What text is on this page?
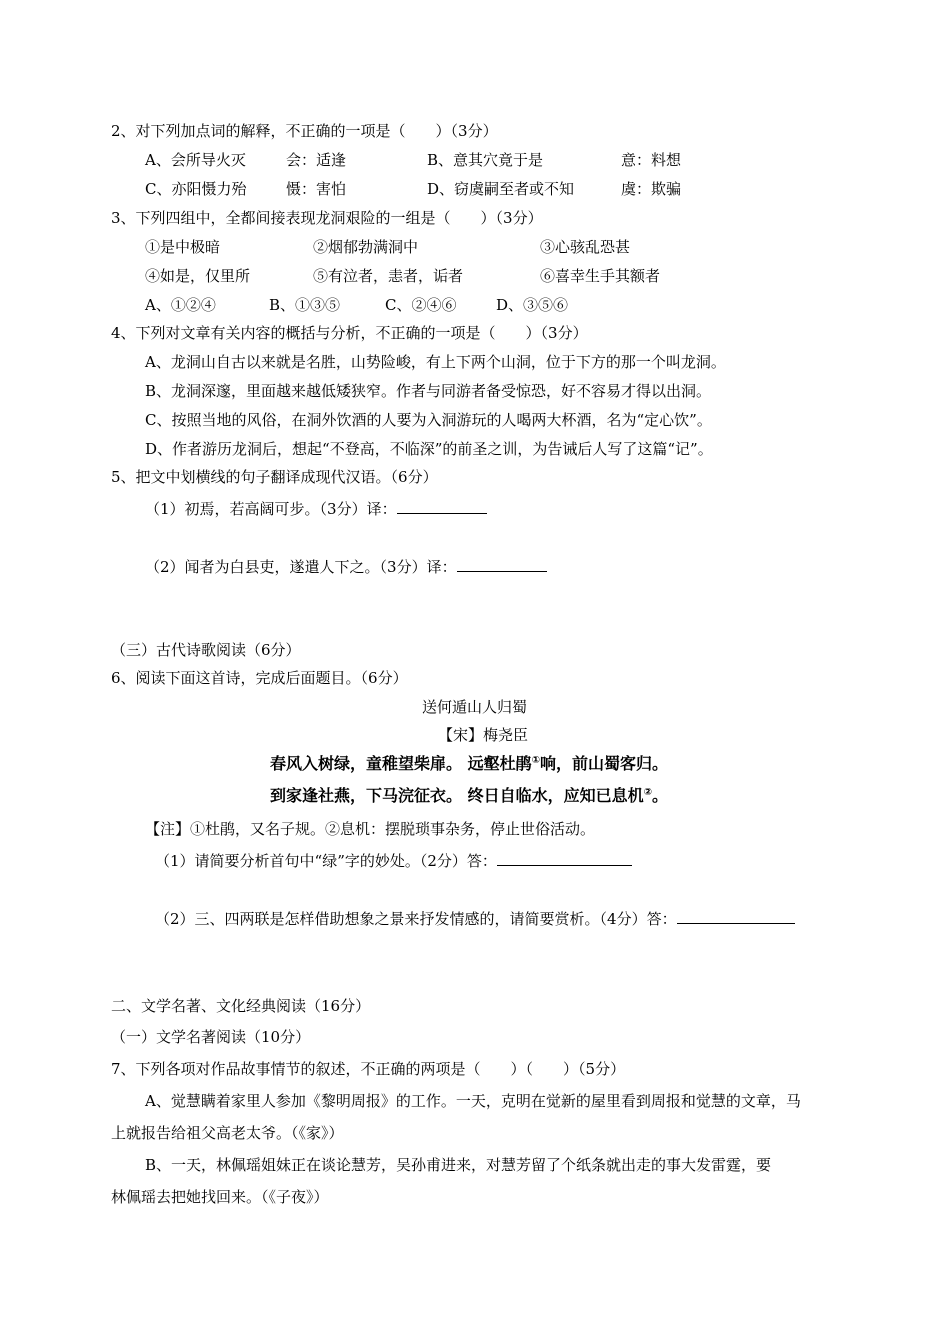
2、对下列加点词的解释，不正确的一项是（　　）（3分）
A、会所导火灭	会：适逢	B、意其穴竟于是	意：料想
C、亦阳慑力殆	慑：害怕	D、窃虞嗣至者或不知	虞：欺骗
3、下列四组中，全都间接表现龙洞艰险的一组是（　　）（3分）
①是中极暗	②烟郁勃满洞中	③心骇乱恐甚
④如是，仅里所	⑤有泣者，恚者，诟者	⑥喜幸生手其额者
A、①②④	B、①③⑤	C、②④⑥	D、③⑤⑥
4、下列对文章有关内容的概括与分析，不正确的一项是（　　）（3分）
A、龙洞山自古以来就是名胜，山势险峻，有上下两个山洞，位于下方的那一个叫龙洞。
B、龙洞深邃，里面越来越低矮狭窄。作者与同游者备受惊恐，好不容易才得以出洞。
C、按照当地的风俗，在洞外饮酒的人要为入洞游玩的人喝两大杯酒，名为“定心饮”。
D、作者游历龙洞后，想起“不登高，不临深”的前圣之训，为告诫后人写了这篇“记”。
5、把文中划横线的句子翻译成现代汉语。（6分）
（1）初焉，若高阔可步。（3分）译：
（2）闻者为白县吏，遂遣人下之。（3分）译：
（三）古代诗歌阅读（6分）
6、阅读下面这首诗，完成后面题目。（6分）
送何遁山人归蜀
【宋】梅尧臣
春风入树绿，童稚望柴扉。 远壑杜鹃①响，前山蜀客归。
到家逢社燕，下马浣征衣。 终日自临水，应知已息机②。
【注】①杜鹃，又名子规。②息机：摆脱琐事杂务，停止世俗活动。
（1）请简要分析首句中“绿”字的妙处。（2分）答：
（2）三、四两联是怎样借助想象之景来抒发情感的，请简要赏析。（4分）答：
二、文学名著、文化经典阅读（16分）
（一）文学名著阅读（10分）
7、下列各项对作品故事情节的叙述，不正确的两项是（　　）（　　）（5分）
A、觉慧瞒着家里人参加《黎明周报》的工作。一天，克明在觉新的屋里看到周报和觉慧的文章，马
上就报告给祖父高老太爷。（《家》）
B、一天，林佩瑶姐妹正在谈论慧芳，吴孙甫进来，对慧芳留了个纸条就出走的事大发雷霆，要
林佩瑶去把她找回来。（《子夜》）
